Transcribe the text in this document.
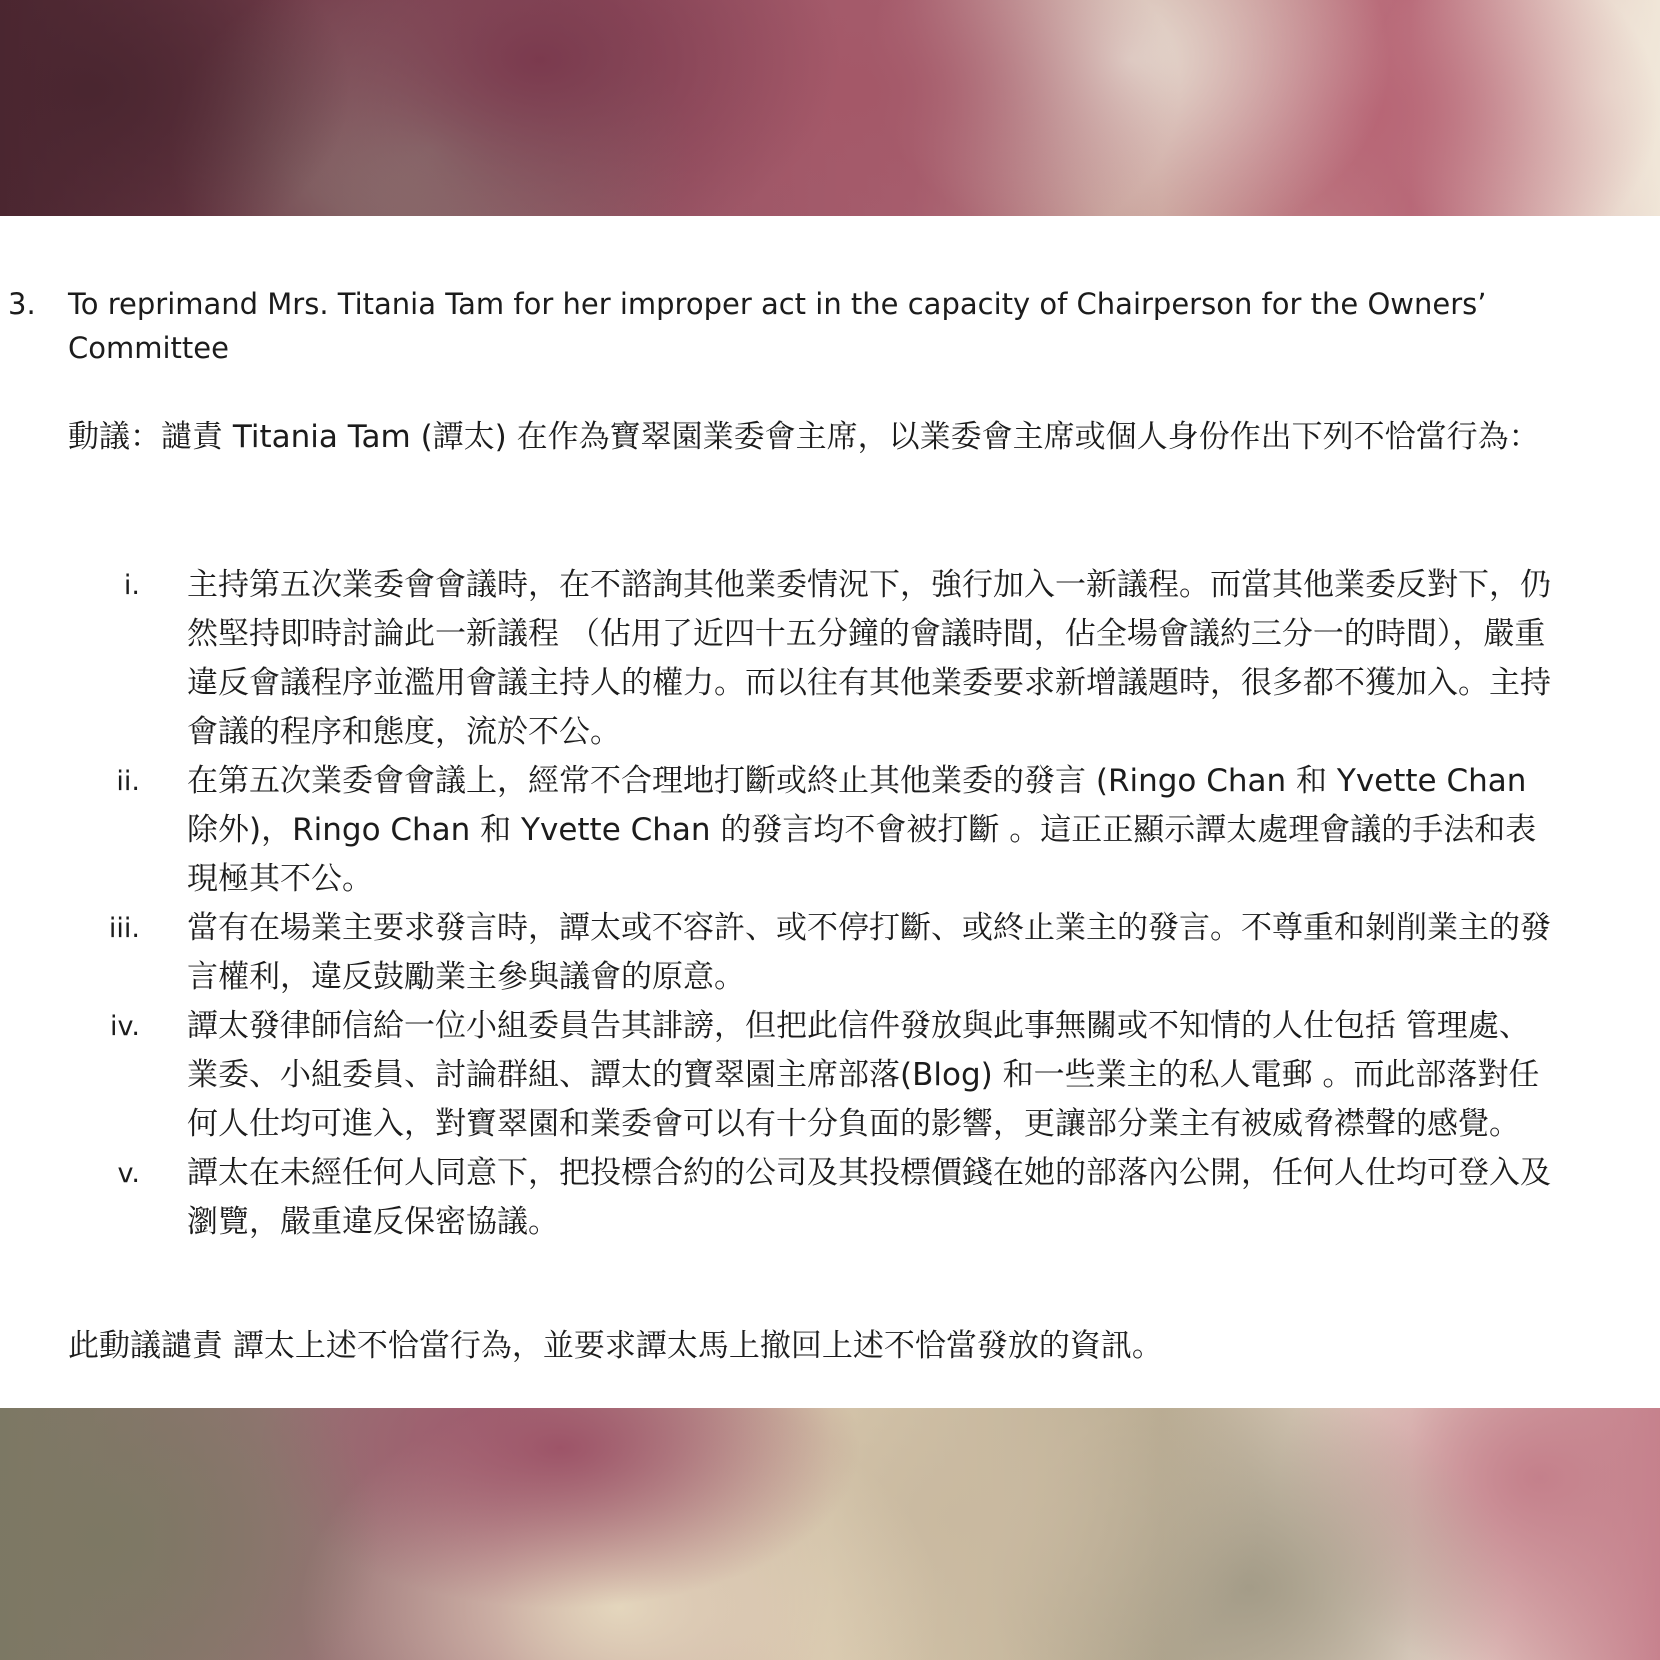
3. To reprimand Mrs. Titania Tam for her improper act in the capacity of Chairperson for the Owners’ Committee
動議：譴責 Titania Tam (譚太) 在作為寶翠園業委會主席，以業委會主席或個人身份作出下列不恰當行為：
i. 主持第五次業委會會議時，在不諮詢其他業委情況下，強行加入一新議程。而當其他業委反對下，仍然堅持即時討論此一新議程 （佔用了近四十五分鐘的會議時間，佔全場會議約三分一的時間），嚴重違反會議程序並濫用會議主持人的權力。而以往有其他業委要求新增議題時，很多都不獲加入。主持會議的程序和態度，流於不公。
ii. 在第五次業委會會議上，經常不合理地打斷或終止其他業委的發言 (Ringo Chan 和 Yvette Chan 除外)，Ringo Chan 和 Yvette Chan 的發言均不會被打斷 。這正正顯示譚太處理會議的手法和表現極其不公。
iii. 當有在場業主要求發言時，譚太或不容許、或不停打斷、或終止業主的發言。不尊重和剝削業主的發言權利，違反鼓勵業主參與議會的原意。
iv. 譚太發律師信給一位小組委員告其誹謗，但把此信件發放與此事無關或不知情的人仕包括 管理處、業委、小組委員、討論群組、譚太的寶翠園主席部落(Blog) 和一些業主的私人電郵 。而此部落對任何人仕均可進入，對寶翠園和業委會可以有十分負面的影響，更讓部分業主有被威脅襟聲的感覺。
v. 譚太在未經任何人同意下，把投標合約的公司及其投標價錢在她的部落內公開，任何人仕均可登入及瀏覽，嚴重違反保密協議。
此動議譴責 譚太上述不恰當行為，並要求譚太馬上撤回上述不恰當發放的資訊。
